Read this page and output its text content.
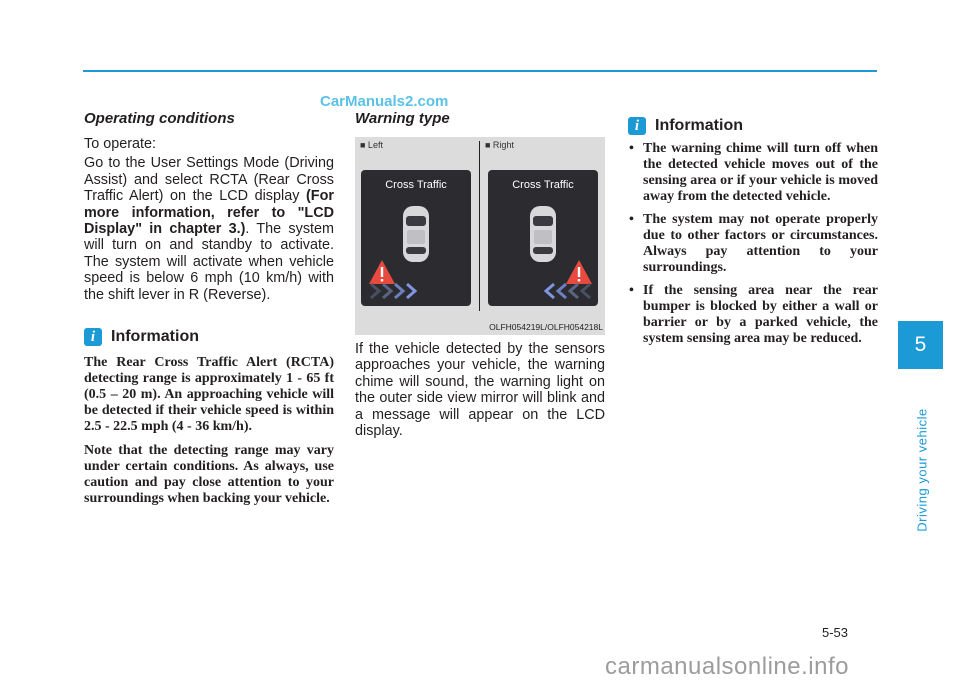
CarManuals2.com

Operating conditions

To operate:

Go to the User Settings Mode (Driving Assist) and select RCTA (Rear Cross Traffic Alert) on the LCD display (For more information, refer to "LCD Display" in chapter 3.). The system will turn on and standby to activate. The system will activate when vehicle speed is below 6 mph (10 km/h) with the shift lever in R (Reverse).

i Information

The Rear Cross Traffic Alert (RCTA) detecting range is approximately 1 - 65 ft (0.5 – 20 m). An approaching vehicle will be detected if their vehicle speed is within 2.5 - 22.5 mph (4 - 36 km/h).

Note that the detecting range may vary under certain conditions. As always, use caution and pay close attention to your surroundings when backing your vehicle.

Warning type

■ Left	■ Right
Cross Traffic	Cross Traffic
OLFH054219L/OLFH054218L

If the vehicle detected by the sensors approaches your vehicle, the warning chime will sound, the warning light on the outer side view mirror will blink and a message will appear on the LCD display.

i Information
• The warning chime will turn off when the detected vehicle moves out of the sensing area or if your vehicle is moved away from the detected vehicle.
• The system may not operate properly due to other factors or circumstances. Always pay attention to your surroundings.
• If the sensing area near the rear bumper is blocked by either a wall or barrier or by a parked vehicle, the system sensing area may be reduced.	5
Driving your vehicle
5-53
carmanualsonline.info
